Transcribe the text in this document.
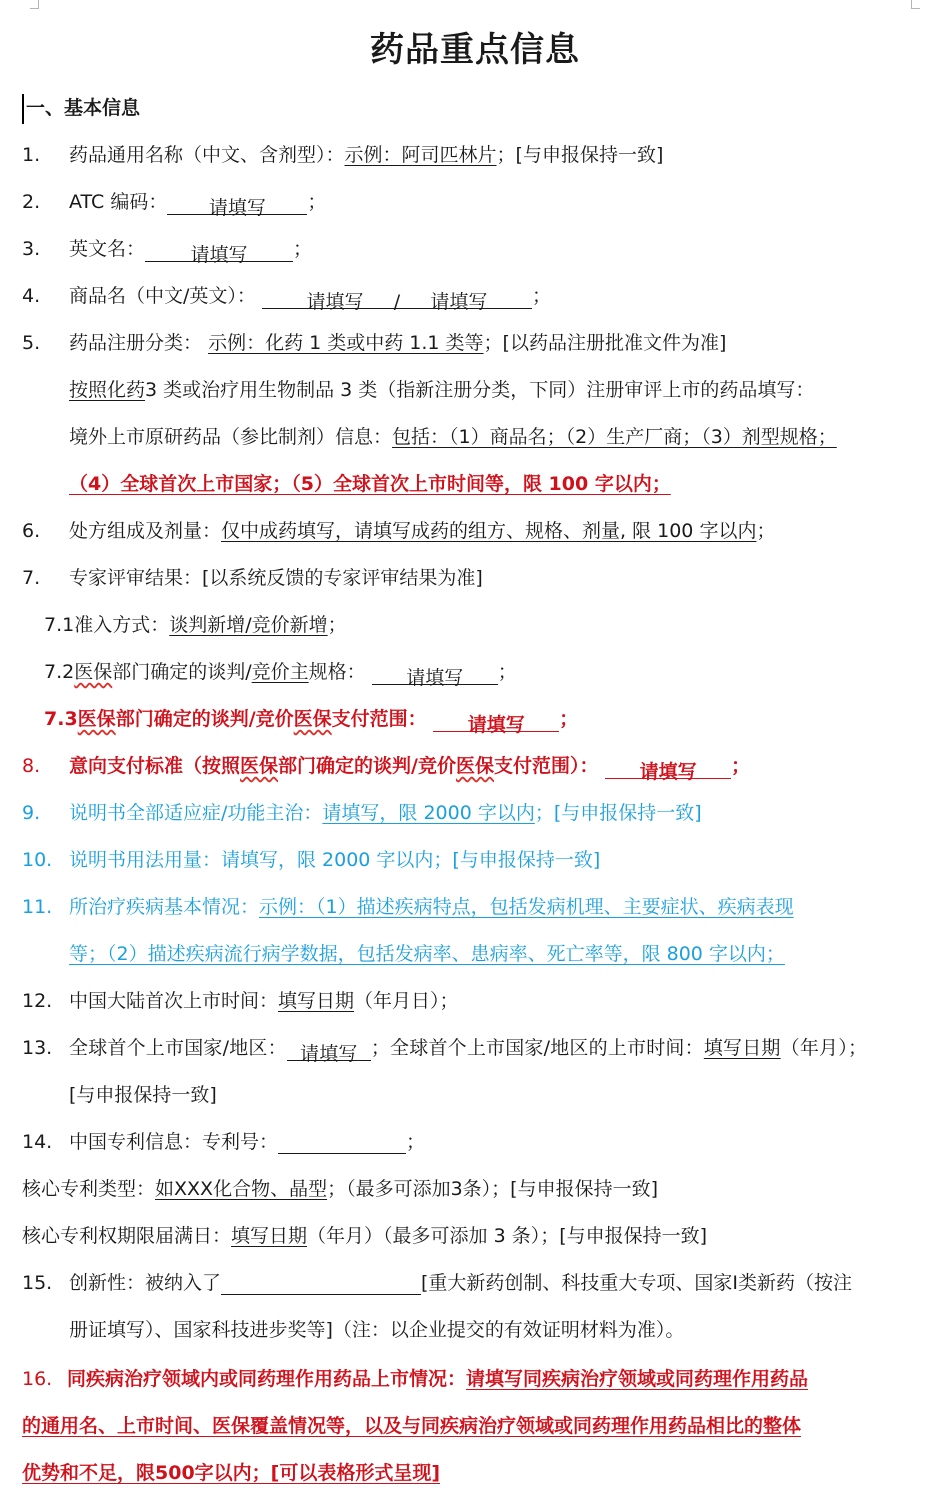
药品重点信息
一、基本信息
1.	药品通用名称（中文、含剂型）：示例：阿司匹林片；[与申报保持一致]
2.	ATC 编码： 请填写 ；
3.	英文名： 请填写 ；
4.	商品名（中文/英文）：	请填写 / 请填写 ；
5.	药品注册分类： 示例：化药 1 类或中药 1.1 类等；[以药品注册批准文件为准]
按照化药3 类或治疗用生物制品 3 类（指新注册分类，下同）注册审评上市的药品填写：
境外上市原研药品（参比制剂）信息：包括：（1）商品名；（2）生产厂商；（3）剂型规格；
（4）全球首次上市国家；（5）全球首次上市时间等，限 100 字以内；
6.	处方组成及剂量：仅中成药填写，请填写成药的组方、规格、剂量, 限 100 字以内；
7.	专家评审结果：[以系统反馈的专家评审结果为准]
7.1准入方式：谈判新增/竞价新增；
7.2医保部门确定的谈判/竞价主规格： 请填写 ；
7.3医保部门确定的谈判/竞价医保支付范围： 请填写 ；
8.	意向支付标准（按照医保部门确定的谈判/竞价医保支付范围）： 请填写 ；
9.	说明书全部适应症/功能主治：请填写，限 2000 字以内；[与申报保持一致]
10. 说明书用法用量：请填写，限 2000 字以内；[与申报保持一致]
11. 所治疗疾病基本情况：示例：（1）描述疾病特点，包括发病机理、主要症状、疾病表现
等；（2）描述疾病流行病学数据，包括发病率、患病率、死亡率等，限 800 字以内；
12. 中国大陆首次上市时间：填写日期（年月日）；
13. 全球首个上市国家/地区： 请填写 ；全球首个上市国家/地区的上市时间：填写日期（年月）；
[与申报保持一致]
14. 中国专利信息：专利号：	；
核心专利类型：如XXX化合物、晶型；（最多可添加3条）；[与申报保持一致]
核心专利权期限届满日：填写日期（年月）（最多可添加 3 条）；[与申报保持一致]
15. 创新性：被纳入了	[重大新药创制、科技重大专项、国家Ⅰ类新药（按注
册证填写）、国家科技进步奖等]（注：以企业提交的有效证明材料为准）。
16. 同疾病治疗领域内或同药理作用药品上市情况：请填写同疾病治疗领域或同药理作用药品
的通用名、上市时间、医保覆盖情况等，以及与同疾病治疗领域或同药理作用药品相比的整体
优势和不足，限500字以内；[可以表格形式呈现]
